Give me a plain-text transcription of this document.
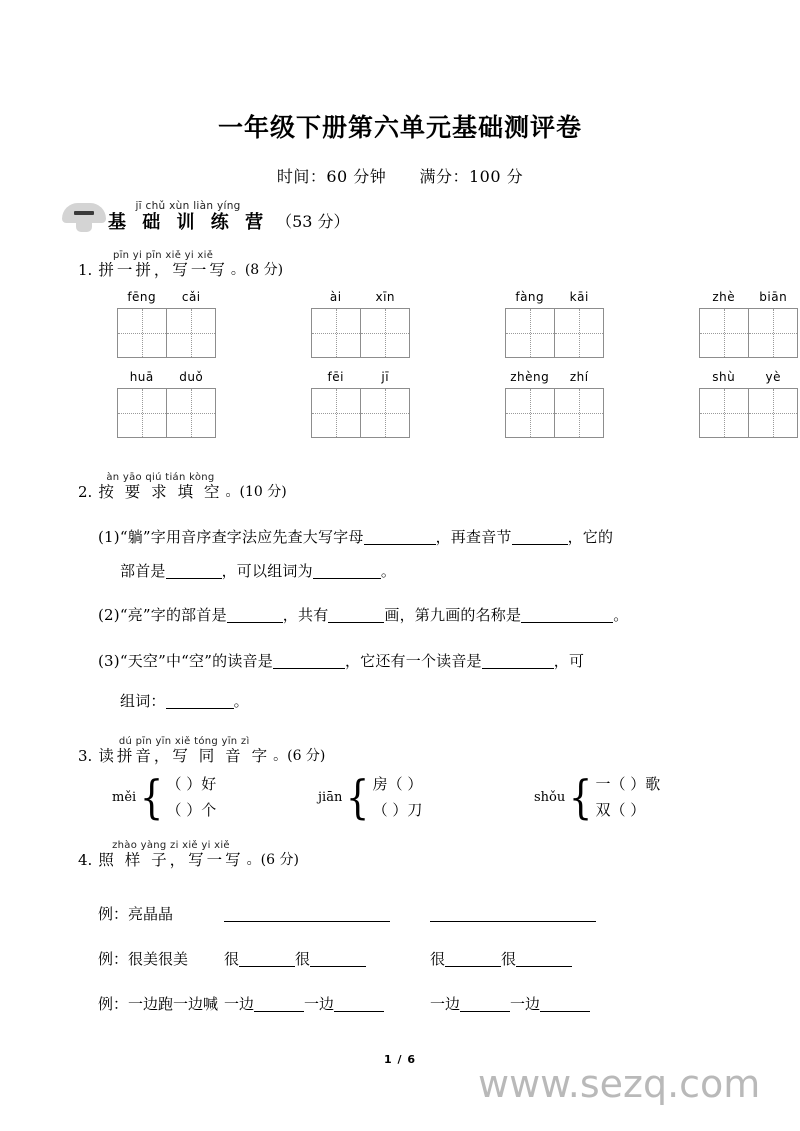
一年级下册第六单元基础测评卷
时间：60 分钟 满分：100 分
jī chǔ xùn liàn yíng
基 础 训 练 营 （53 分）
1.
pīn yi pīn xiě yi xiě
拼一拼，写一写 。(8 分)
fēng	cǎi	ài	xīn	fàng	kāi	zhè	biān
huā	duǒ	fēi	jī	zhèng	zhí	shù	yè
2.
àn yāo qiú tián kòng
按 要 求 填 空 。(10 分)
(1)“躺”字用音序查字法应先查大写字母	，再查音节	，它的
部首是	，可以组词为	。
(2)“亮”字的部首是	，共有	画，第九画的名称是	。
(3)“天空”中“空”的读音是	，它还有一个读音是	，可
组词：	。
3.
dú pīn yīn xiě tóng yīn zì
读拼音，写 同 音 字 。(6 分)
měi { （ ）好
（ ）个
jiān { 房（ ）
（ ）刀
shǒu { 一（ ）歌
双（ ）
4.
zhào yàng zi xiě yi xiě
照 样 子，写一写 。(6 分)
例：亮晶晶
例：很美很美	很	很	很	很
例：一边跑一边喊 一边	一边	一边	一边
1 / 6
www.sezq.com
